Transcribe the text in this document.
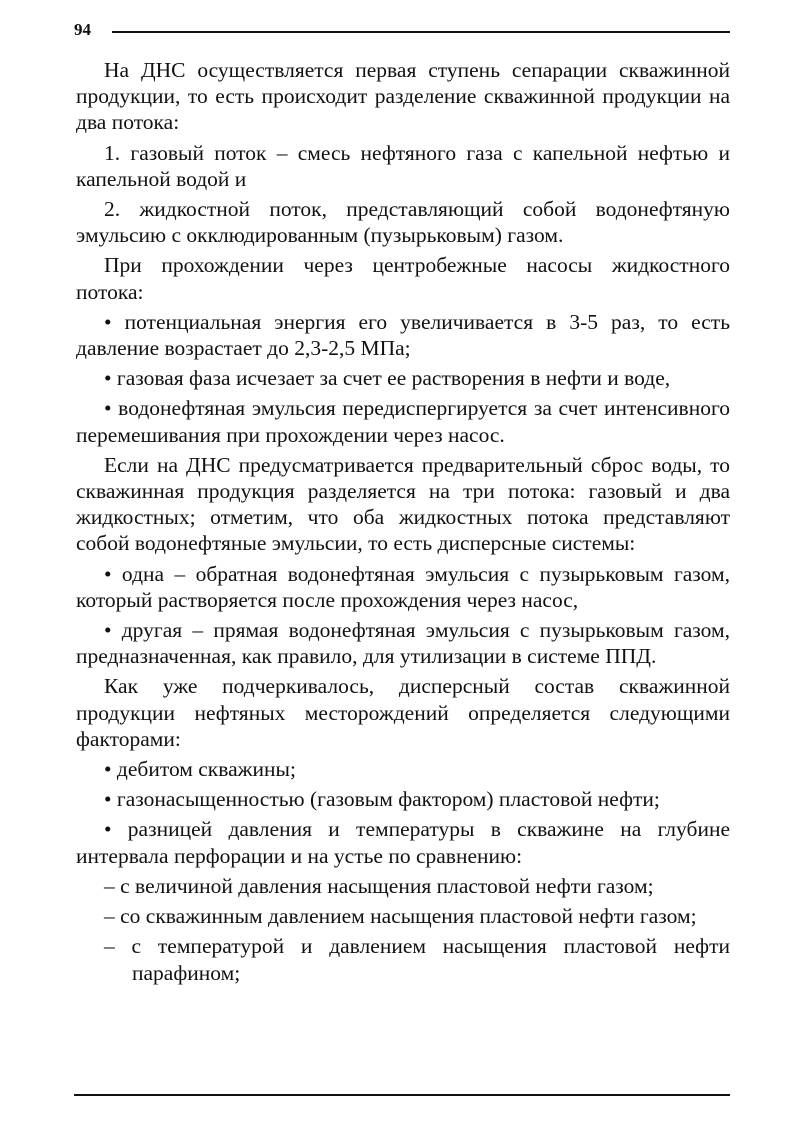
94

На ДНС осуществляется первая ступень сепарации скважинной продукции, то есть происходит разделение скважинной продукции на два потока:

1. газовый поток – смесь нефтяного газа с капельной нефтью и капельной водой и

2. жидкостной поток, представляющий собой водонефтяную эмульсию с окклюдированным (пузырьковым) газом.

При прохождении через центробежные насосы жидкостного потока:

• потенциальная энергия его увеличивается в 3-5 раз, то есть давление возрастает до 2,3-2,5 МПа;

• газовая фаза исчезает за счет ее растворения в нефти и воде,

• водонефтяная эмульсия передиспергируется за счет интенсивного перемешивания при прохождении через насос.

Если на ДНС предусматривается предварительный сброс воды, то скважинная продукция разделяется на три потока: газовый и два жидкостных; отметим, что оба жидкостных потока представляют собой водонефтяные эмульсии, то есть дисперсные системы:

• одна – обратная водонефтяная эмульсия с пузырьковым газом, который растворяется после прохождения через насос,

• другая – прямая водонефтяная эмульсия с пузырьковым газом, предназначенная, как правило, для утилизации в системе ППД.

Как уже подчеркивалось, дисперсный состав скважинной продукции нефтяных месторождений определяется следующими факторами:

• дебитом скважины;

• газонасыщенностью (газовым фактором) пластовой нефти;

• разницей давления и температуры в скважине на глубине интервала перфорации и на устье по сравнению:

– с величиной давления насыщения пластовой нефти газом;

– со скважинным давлением насыщения пластовой нефти газом;

– с температурой и давлением насыщения пластовой нефти парафином;
